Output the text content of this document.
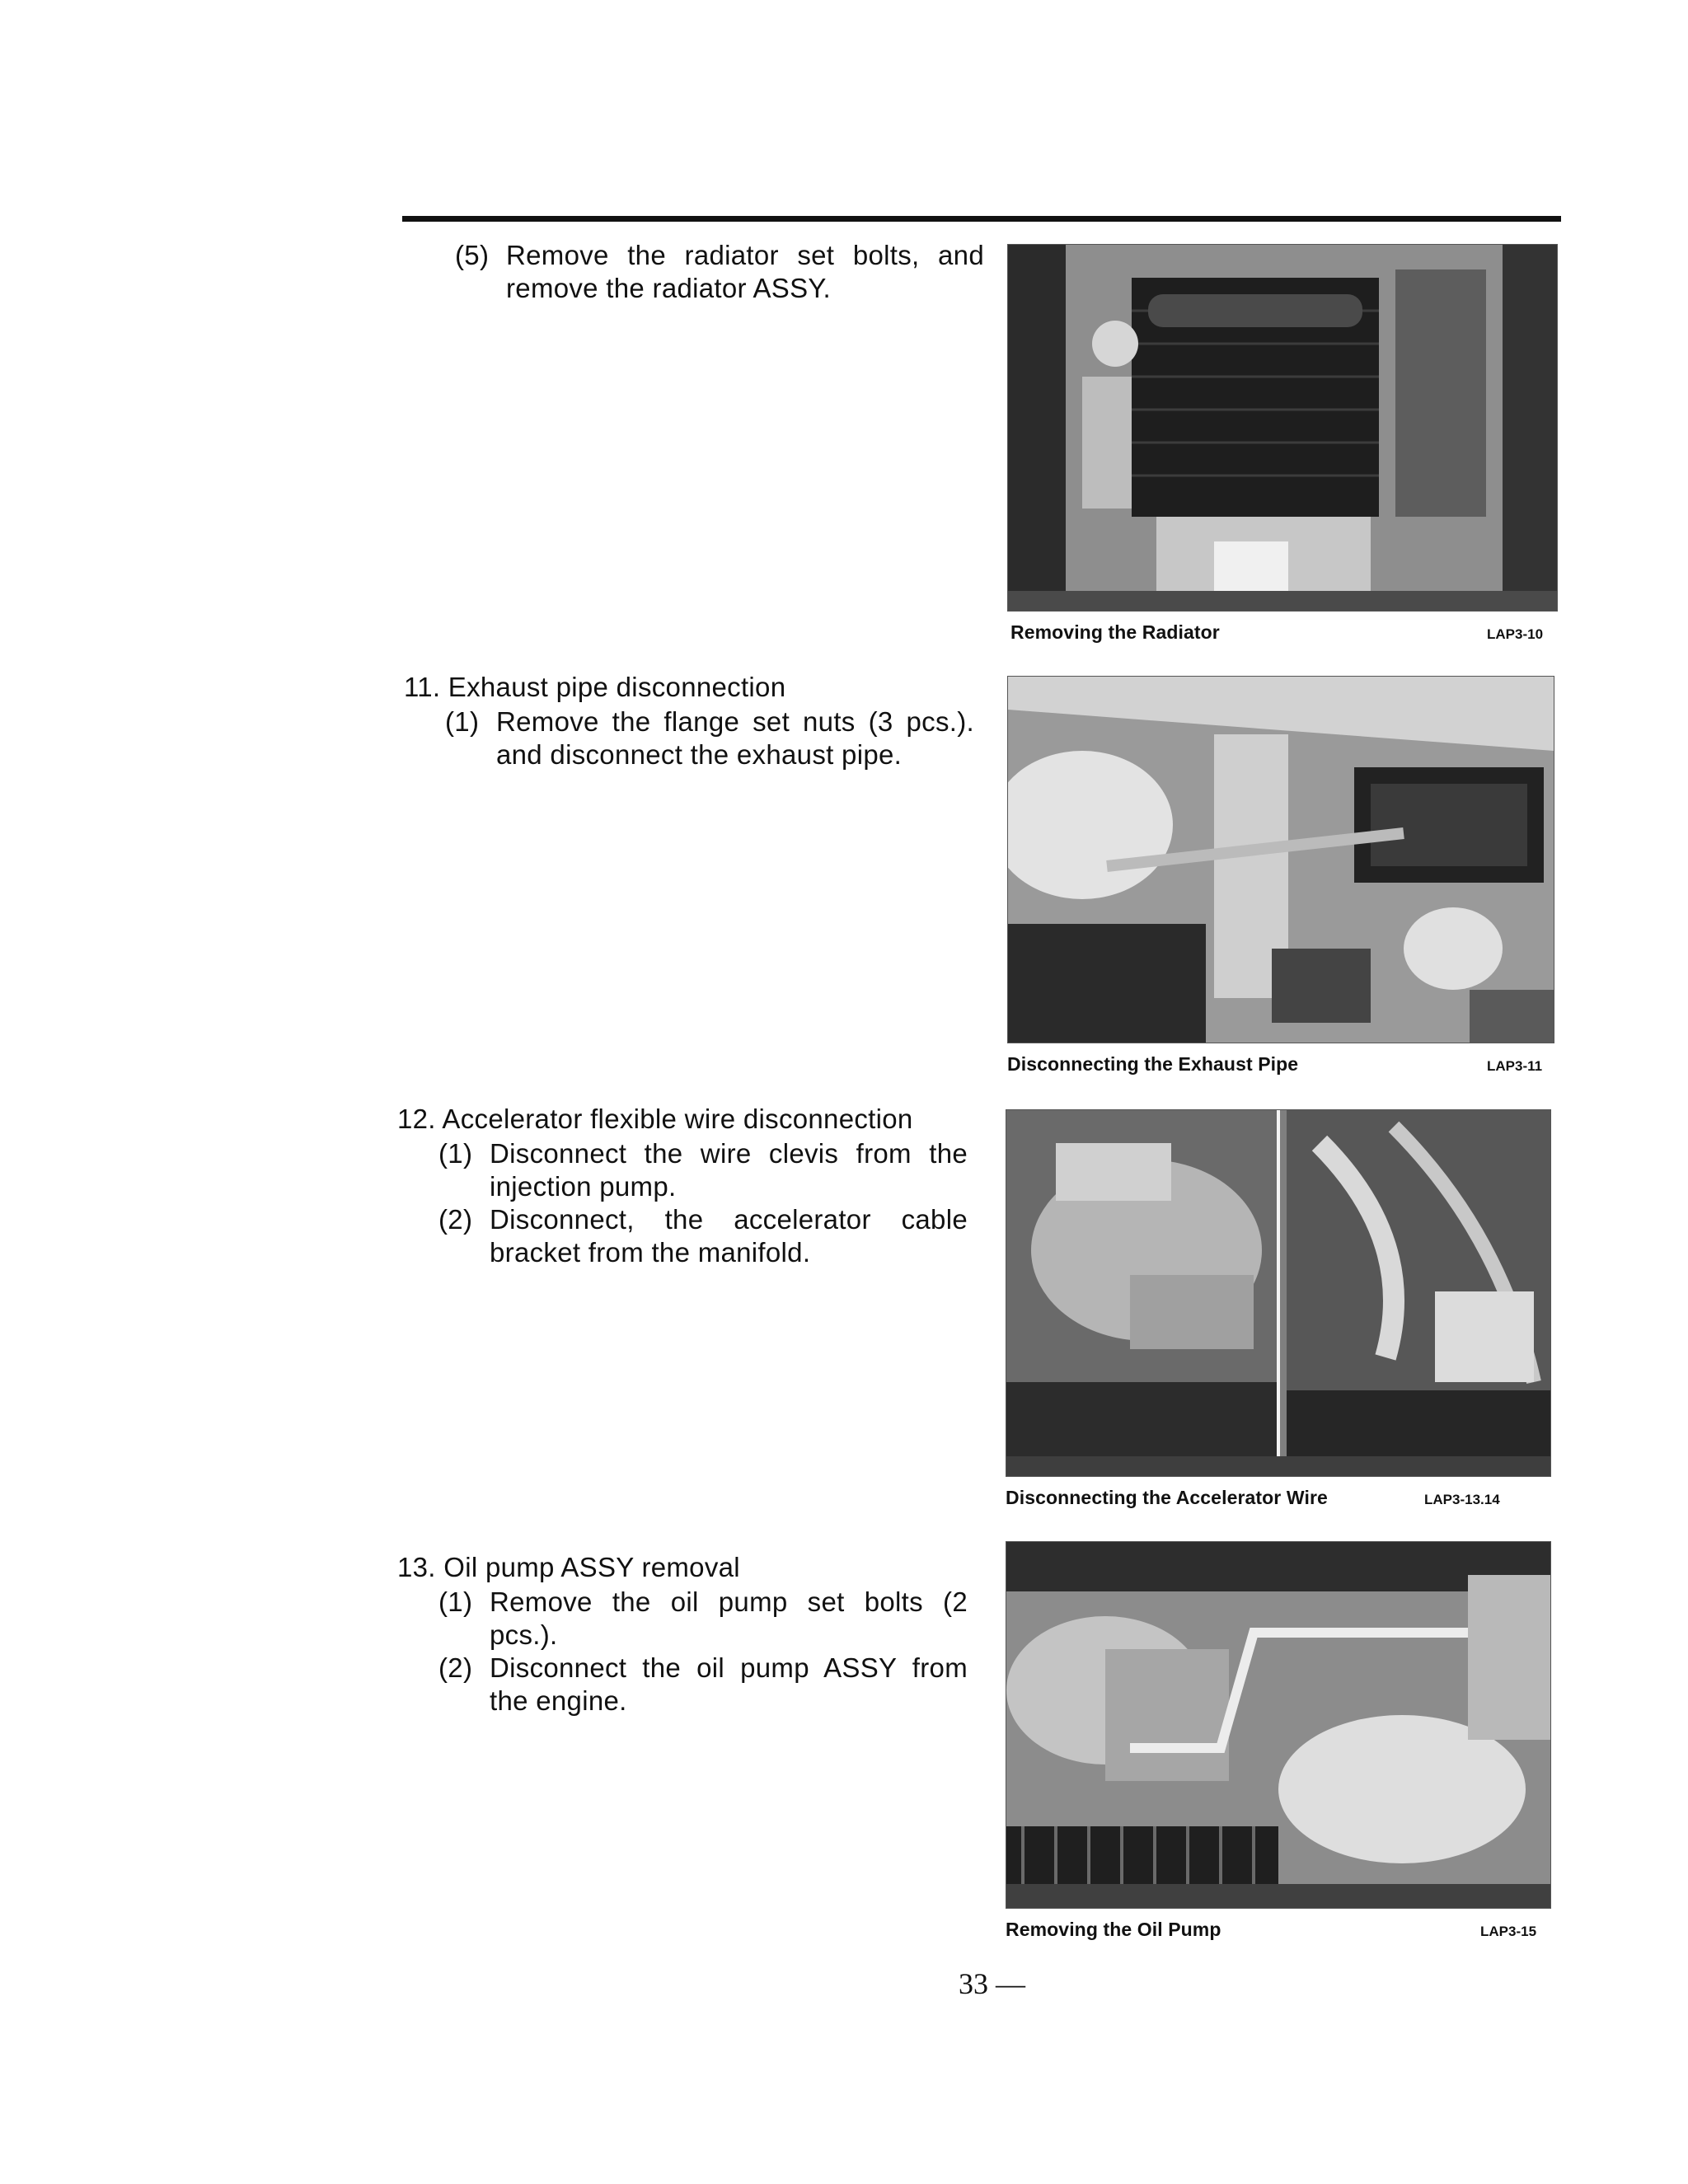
(5) Remove the radiator set bolts, and remove the radiator ASSY.
11. Exhaust pipe disconnection
(1) Remove the flange set nuts (3 pcs.). and disconnect the exhaust pipe.
12. Accelerator flexible wire disconnection
(1) Disconnect the wire clevis from the injection pump.
(2) Disconnect, the accelerator cable bracket from the manifold.
13. Oil pump ASSY removal
(1) Remove the oil pump set bolts (2 pcs.).
(2) Disconnect the oil pump ASSY from the engine.
Removing the Radiator	LAP3-10
Disconnecting the Exhaust Pipe	LAP3-11
Disconnecting the Accelerator Wire	LAP3-13.14
Removing the Oil Pump	LAP3-15
33 —
